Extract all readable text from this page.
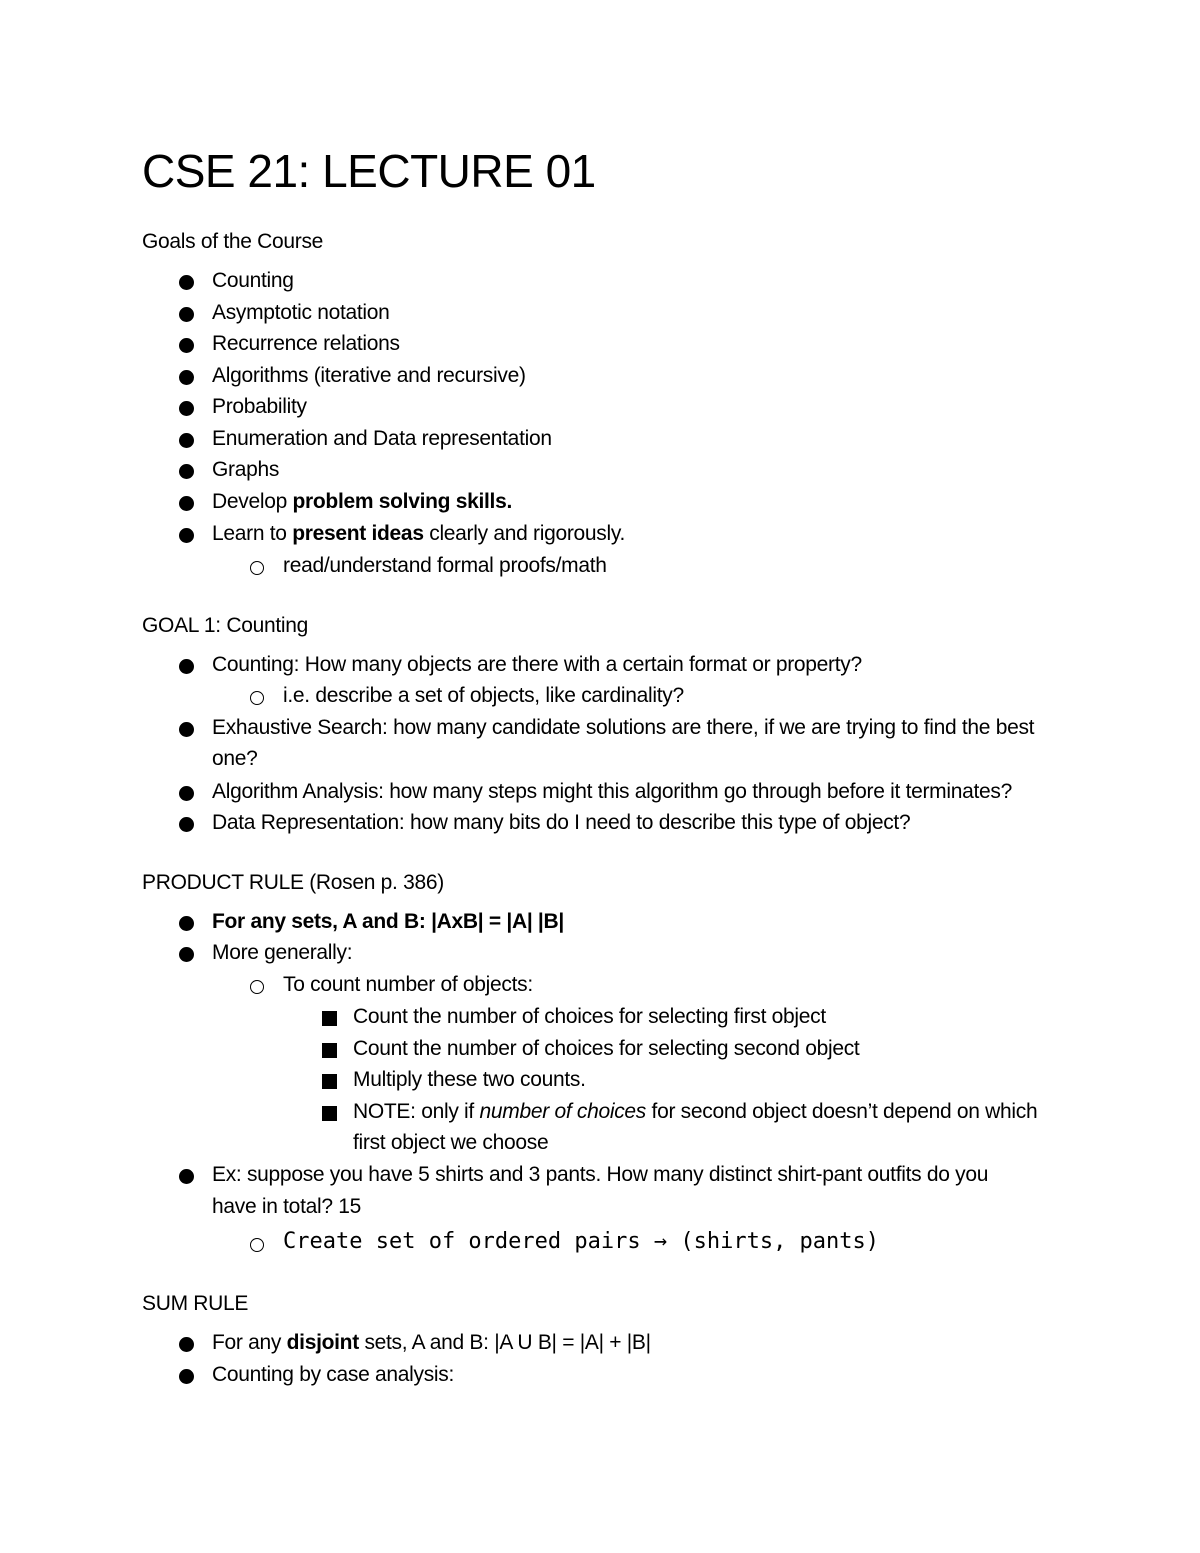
CSE 21: LECTURE 01
Goals of the Course
Counting
Asymptotic notation
Recurrence relations
Algorithms (iterative and recursive)
Probability
Enumeration and Data representation
Graphs
Develop problem solving skills.
Learn to present ideas clearly and rigorously.
read/understand formal proofs/math
GOAL 1: Counting
Counting: How many objects are there with a certain format or property?
i.e. describe a set of objects, like cardinality?
Exhaustive Search: how many candidate solutions are there, if we are trying to find the best
one?
Algorithm Analysis: how many steps might this algorithm go through before it terminates?
Data Representation: how many bits do I need to describe this type of object?
PRODUCT RULE (Rosen p. 386)
For any sets, A and B: |AxB| = |A| |B|
More generally:
To count number of objects:
Count the number of choices for selecting first object
Count the number of choices for selecting second object
Multiply these two counts.
NOTE: only if number of choices for second object doesn’t depend on which
first object we choose
Ex: suppose you have 5 shirts and 3 pants. How many distinct shirt-pant outfits do you
have in total? 15
Create set of ordered pairs → (shirts, pants)
SUM RULE
For any disjoint sets, A and B: |A U B| = |A| + |B|
Counting by case analysis:
